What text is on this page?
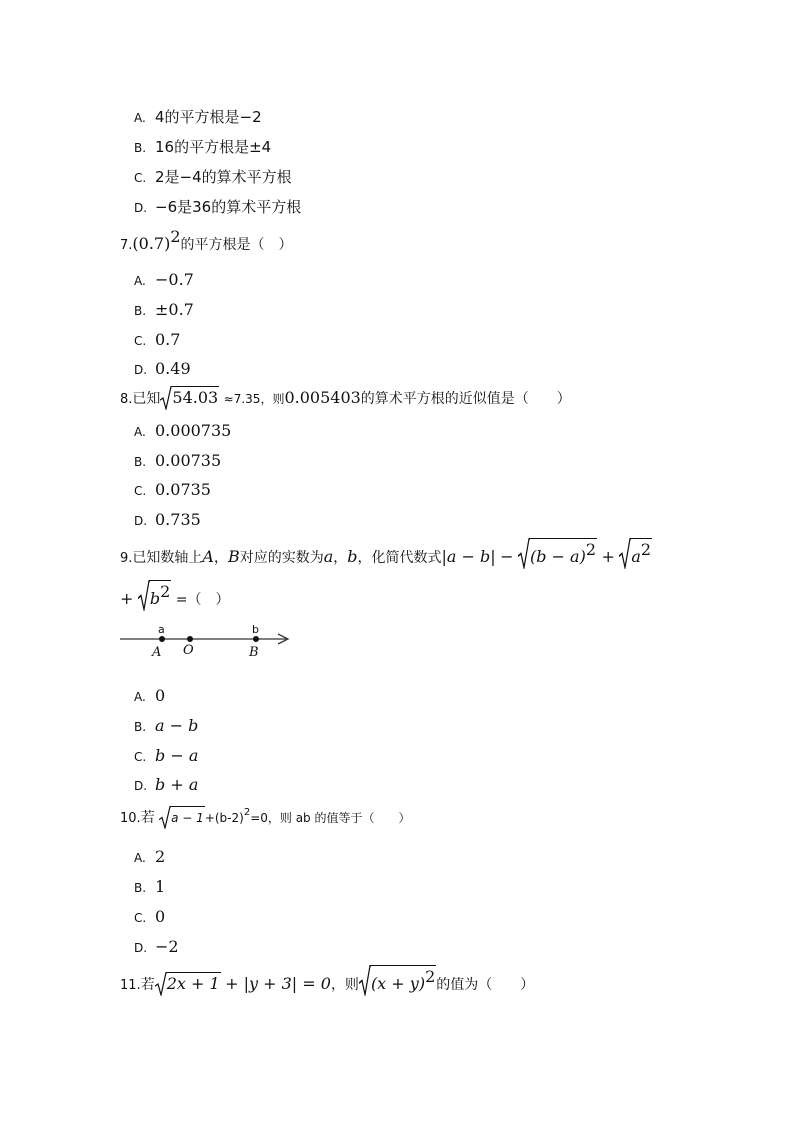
A. 4的平方根是−2
B. 16的平方根是±4
C. 2是−4的算术平方根
D. −6是36的算术平方根
$7.(0.7)^2$的平方根是（　）
A. −0.7
B. ±0.7
C. 0.7
D. 0.49
8.已知 54.03 ≈7.35，则0.005403的算术平方根的近似值是（　　）
A. 0.000735
B. 0.00735
C. 0.0735
D. 0.735
9.已知数轴上A，B对应的实数为a，b，化简代数式$|a - b| - (b - a)^2 + a^2$
+ $b^2$ =（　）
a	b
A O	B
A. 0
B. a − b
C. b − a
D. b + a
10.若 $a - 1+(b-2)^2=0$，则 ab 的值等于（　　）
A. 2
B. 1
C. 0
D. −2
11.若 2x + 1 + |y + 3| = 0，则 $(x + y)^2$的值为（　　）
